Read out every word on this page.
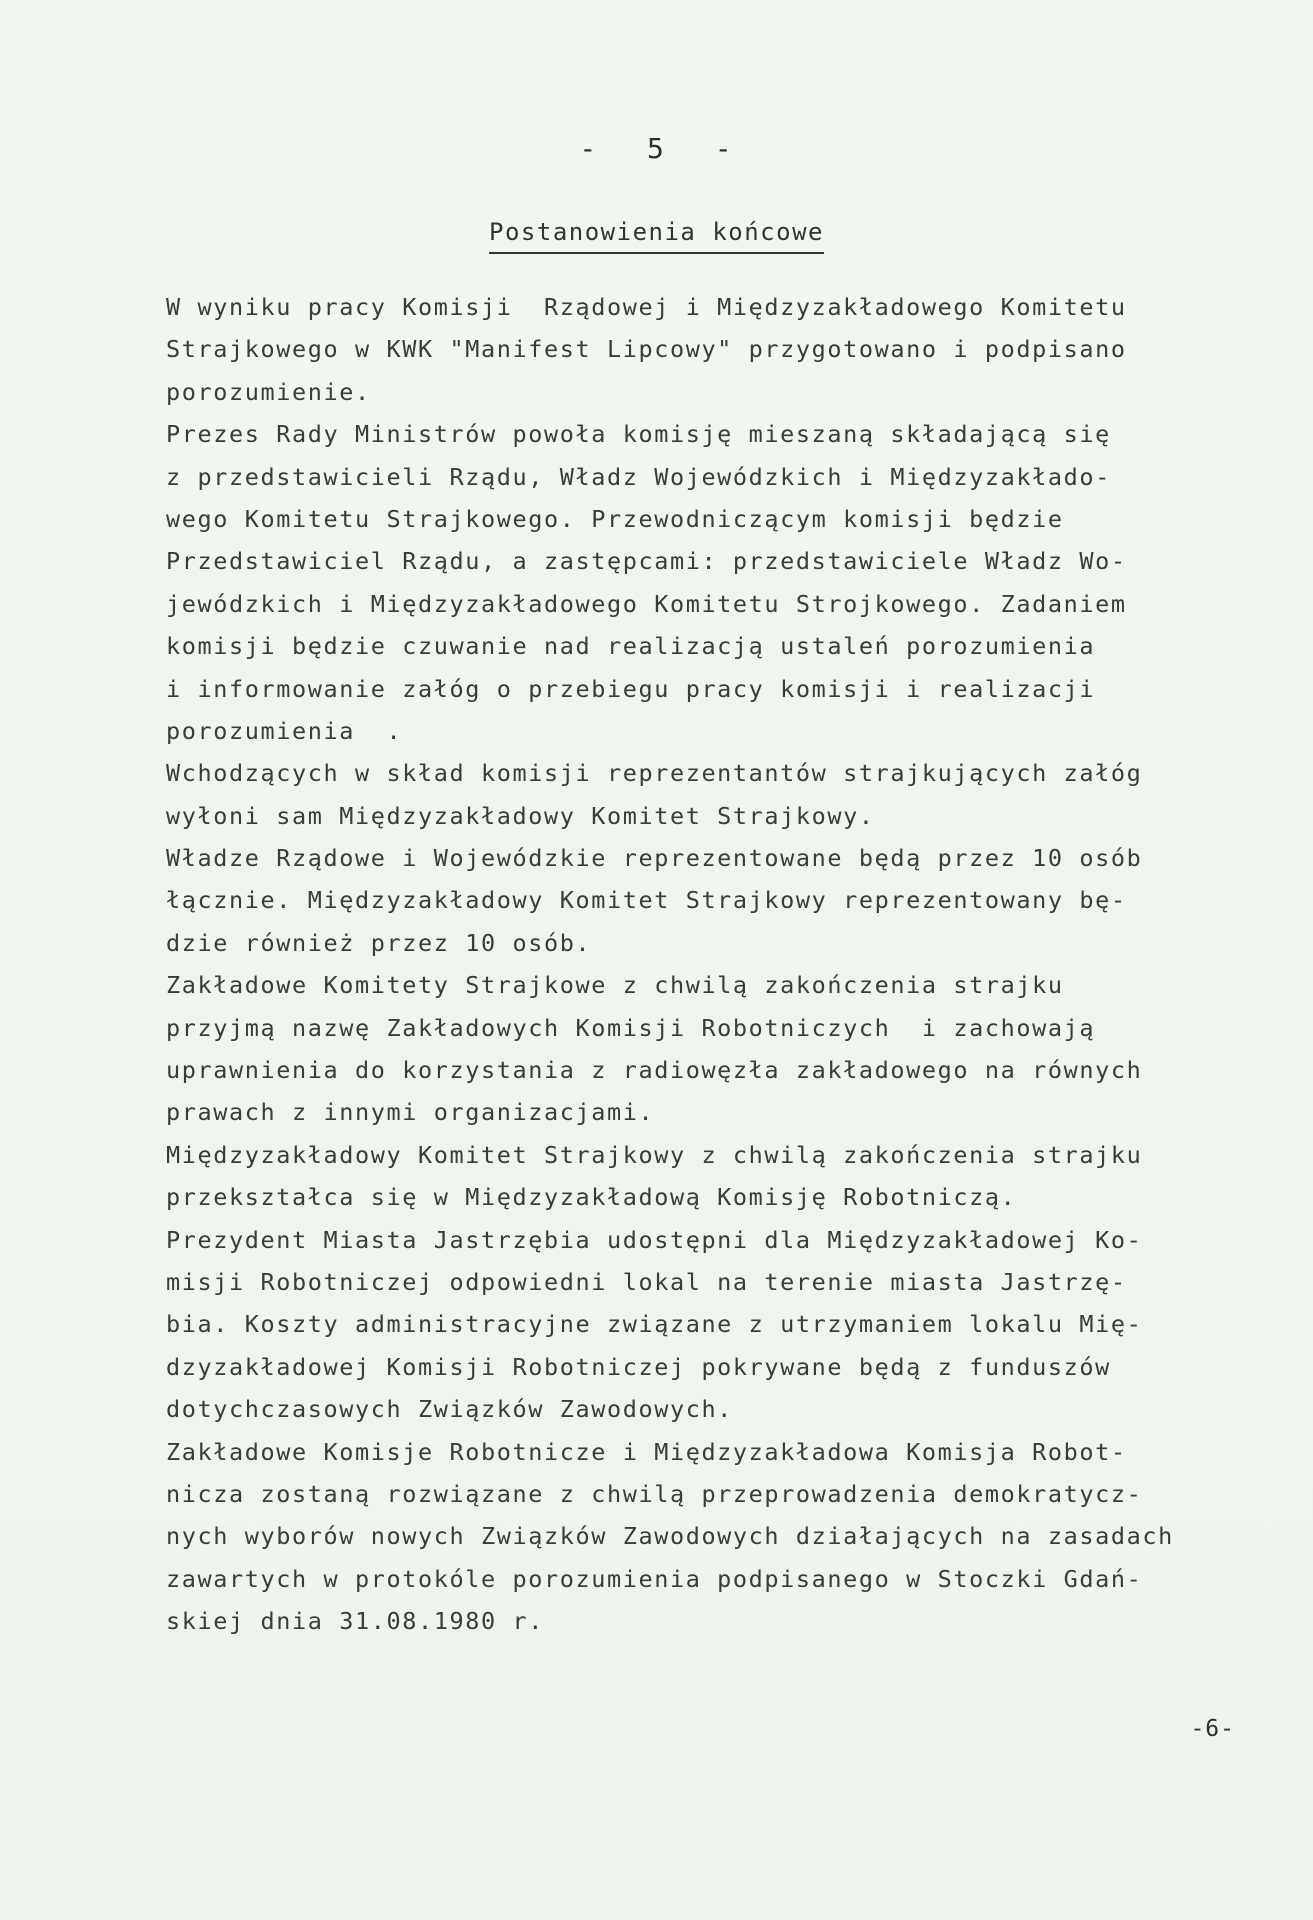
- 5 -
Postanowienia końcowe
W wyniku pracy Komisji  Rządowej i Międzyzakładowego Komitetu
Strajkowego w KWK "Manifest Lipcowy" przygotowano i podpisano
porozumienie.
Prezes Rady Ministrów powoła komisję mieszaną składającą się
z przedstawicieli Rządu, Władz Wojewódzkich i Międzyzakłado-
wego Komitetu Strajkowego. Przewodniczącym komisji będzie
Przedstawiciel Rządu, a zastępcami: przedstawiciele Władz Wo-
jewódzkich i Międzyzakładowego Komitetu Strojkowego. Zadaniem
komisji będzie czuwanie nad realizacją ustaleń porozumienia
i informowanie załóg o przebiegu pracy komisji i realizacji
porozumienia  .
Wchodzących w skład komisji reprezentantów strajkujących załóg
wyłoni sam Międzyzakładowy Komitet Strajkowy.
Władze Rządowe i Wojewódzkie reprezentowane będą przez 10 osób
łącznie. Międzyzakładowy Komitet Strajkowy reprezentowany bę-
dzie również przez 10 osób.
Zakładowe Komitety Strajkowe z chwilą zakończenia strajku
przyjmą nazwę Zakładowych Komisji Robotniczych  i zachowają
uprawnienia do korzystania z radiowęzła zakładowego na równych
prawach z innymi organizacjami.
Międzyzakładowy Komitet Strajkowy z chwilą zakończenia strajku
przekształca się w Międzyzakładową Komisję Robotniczą.
Prezydent Miasta Jastrzębia udostępni dla Międzyzakładowej Ko-
misji Robotniczej odpowiedni lokal na terenie miasta Jastrzę-
bia. Koszty administracyjne związane z utrzymaniem lokalu Mię-
dzyzakładowej Komisji Robotniczej pokrywane będą z funduszów
dotychczasowych Związków Zawodowych.
Zakładowe Komisje Robotnicze i Międzyzakładowa Komisja Robot-
nicza zostaną rozwiązane z chwilą przeprowadzenia demokratycz-
nych wyborów nowych Związków Zawodowych działających na zasadach
zawartych w protokóle porozumienia podpisanego w Stoczki Gdań-
skiej dnia 31.08.1980 r.
-6-
